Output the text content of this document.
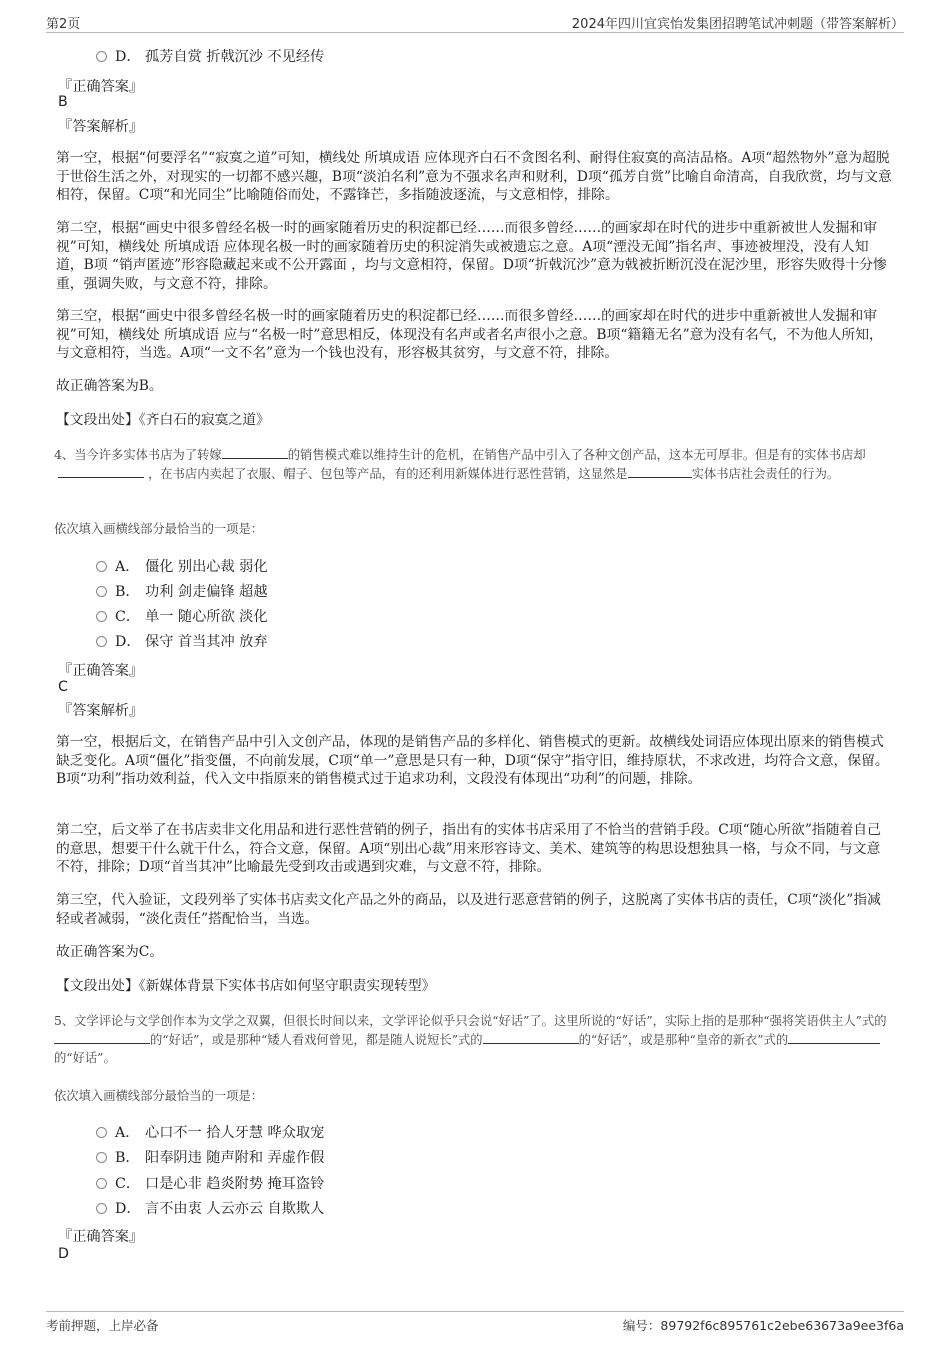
第2页	2024年四川宜宾怡发集团招聘笔试冲刺题（带答案解析）
D． 孤芳自赏 折戟沉沙 不见经传
『正确答案』
B
『答案解析』

第一空，根据“何要浮名”“寂寞之道”可知，横线处 所填成语 应体现齐白石不贪图名利、耐得住寂寞的高洁品格。A项“超然物外”意为超脱于世俗生活之外，对现实的一切都不感兴趣，B项“淡泊名利”意为不强求名声和财利，D项“孤芳自赏”比喻自命清高，自我欣赏，均与文意相符，保留。C项“和光同尘”比喻随俗而处，不露锋芒，多指随波逐流，与文意相悖，排除。

第二空，根据“画史中很多曾经名极一时的画家随着历史的积淀都已经……而很多曾经……的画家却在时代的进步中重新被世人发掘和审视”可知，横线处 所填成语 应体现名极一时的画家随着历史的积淀消失或被遗忘之意。A项“湮没无闻”指名声、事迹被埋没，没有人知道，B项 “销声匿迹”形容隐藏起来或不公开露面 ，均与文意相符，保留。D项“折戟沉沙”意为戟被折断沉没在泥沙里，形容失败得十分惨重，强调失败，与文意不符，排除。

第三空，根据“画史中很多曾经名极一时的画家随着历史的积淀都已经……而很多曾经……的画家却在时代的进步中重新被世人发掘和审视”可知，横线处 所填成语 应与“名极一时”意思相反，体现没有名声或者名声很小之意。B项“籍籍无名”意为没有名气，不为他人所知，与文意相符，当选。A项“一文不名”意为一个钱也没有，形容极其贫穷，与文意不符，排除。

故正确答案为B。

【文段出处】《齐白石的寂寞之道》

4、当今许多实体书店为了转嫁	的销售模式难以维持生计的危机，在销售产品中引入了各种文创产品，这本无可厚非。但是有的实体书店却，在书店内卖起了衣服、帽子、包包等产品，有的还利用新媒体进行恶性营销，这显然是	实体书店社会责任的行为。

依次填入画横线部分最恰当的一项是：

A． 僵化 别出心裁 弱化
B． 功利 剑走偏锋 超越
C． 单一 随心所欲 淡化
D． 保守 首当其冲 放弃
『正确答案』
C
『答案解析』

第一空，根据后文，在销售产品中引入文创产品，体现的是销售产品的多样化、销售模式的更新。故横线处词语应体现出原来的销售模式缺乏变化。A项“僵化”指变僵，不向前发展，C项“单一”意思是只有一种，D项“保守”指守旧，维持原状，不求改进，均符合文意，保留。B项“功利”指功效利益，代入文中指原来的销售模式过于追求功利，文段没有体现出“功利”的问题，排除。

第二空，后文举了在书店卖非文化用品和进行恶性营销的例子，指出有的实体书店采用了不恰当的营销手段。C项“随心所欲”指随着自己的意思，想要干什么就干什么，符合文意，保留。A项“别出心裁”用来形容诗文、美术、建筑等的构思设想独具一格，与众不同，与文意不符，排除；D项“首当其冲”比喻最先受到攻击或遇到灾难，与文意不符，排除。

第三空，代入验证，文段列举了实体书店卖文化产品之外的商品，以及进行恶意营销的例子，这脱离了实体书店的责任，C项“淡化”指减轻或者减弱，“淡化责任”搭配恰当，当选。

故正确答案为C。

【文段出处】《新媒体背景下实体书店如何坚守职责实现转型》

5、文学评论与文学创作本为文学之双翼，但很长时间以来，文学评论似乎只会说“好话”了。这里所说的“好话”，实际上指的是那种“强将笑语供主人”式的的“好话”，或是那种“矮人看戏何曾见，都是随人说短长”式的	的“好话”，或是那种“皇帝的新衣”式的的“好话”。

依次填入画横线部分最恰当的一项是：

A． 心口不一 拾人牙慧 哗众取宠
B． 阳奉阴违 随声附和 弄虚作假
C． 口是心非 趋炎附势 掩耳盗铃
D． 言不由衷 人云亦云 自欺欺人
『正确答案』
D
考前押题，上岸必备	编号：89792f6c895761c2ebe63673a9ee3f6a
